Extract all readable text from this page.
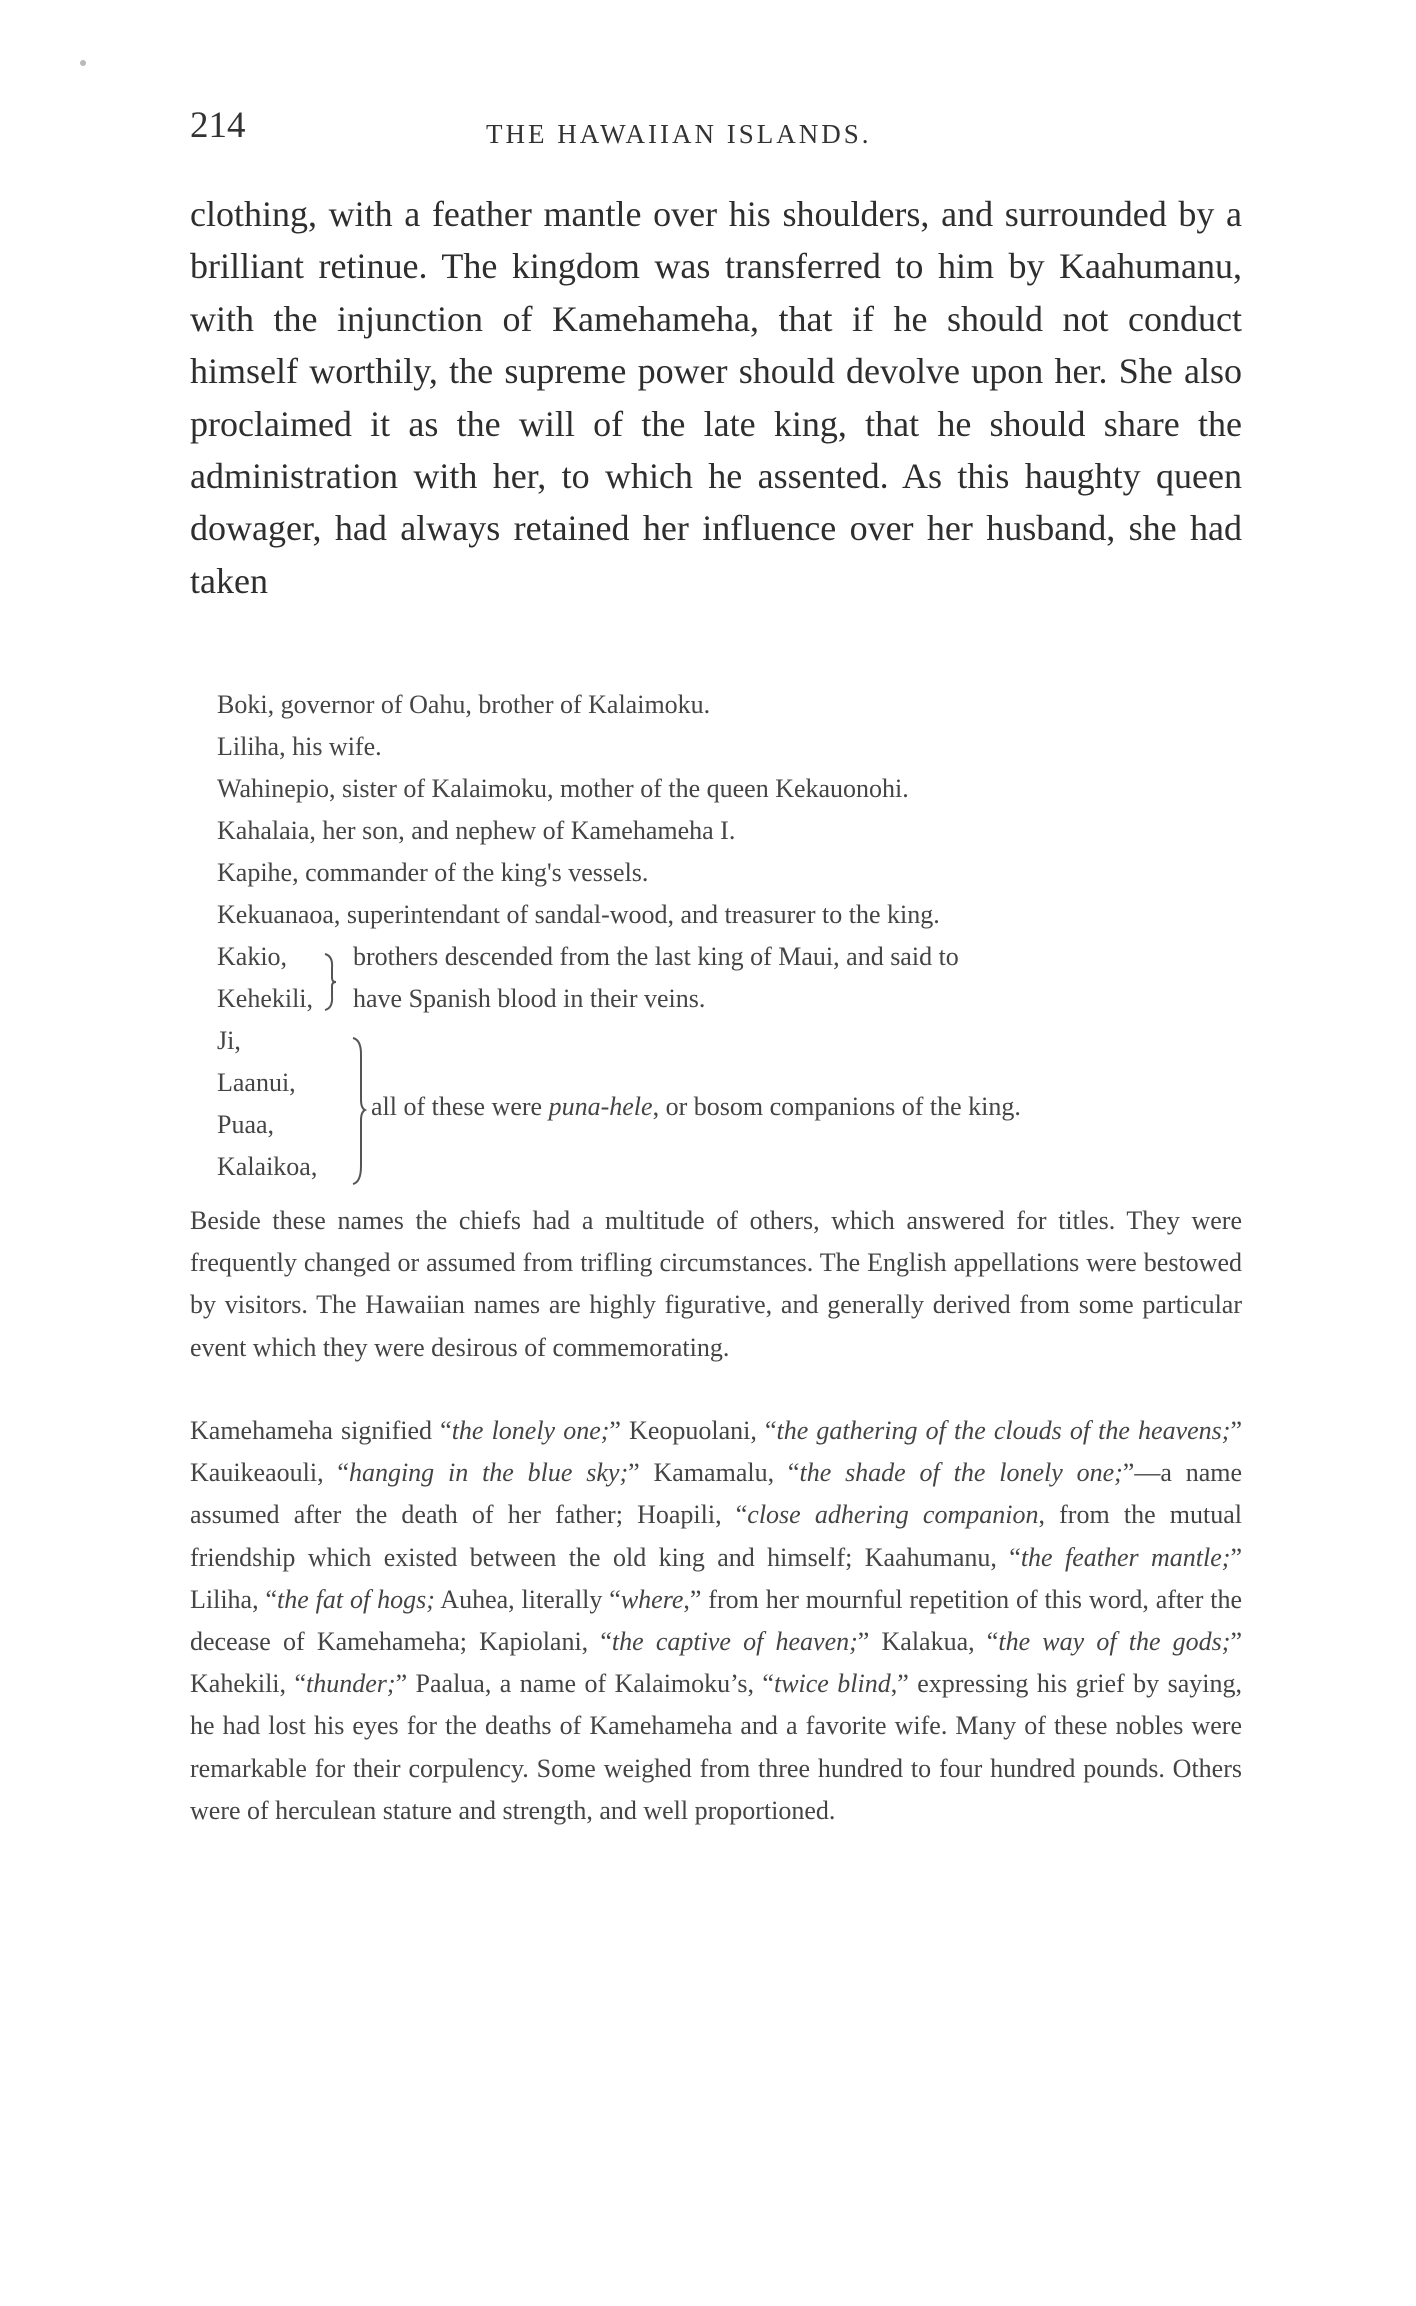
214	THE HAWAIIAN ISLANDS.

clothing, with a feather mantle over his shoulders, and surrounded by a brilliant retinue. The kingdom was transferred to him by Kaahumanu, with the injunction of Kamehameha, that if he should not conduct himself worthily, the supreme power should devolve upon her. She also proclaimed it as the will of the late king, that he should share the administration with her, to which he assented. As this haughty queen dowager, had always retained her influence over her husband, she had taken

Boki, governor of Oahu, brother of Kalaimoku.
Liliha, his wife.
Wahinepio, sister of Kalaimoku, mother of the queen Kekauonohi.
Kahalaia, her son, and nephew of Kamehameha I.
Kapihe, commander of the king's vessels.
Kekuanaoa, superintendant of sandal-wood, and treasurer to the king.
Kakio,
Kehekili,
brothers descended from the last king of Maui, and said to
have Spanish blood in their veins.
Ji,
Laanui,
Puaa,
Kalaikoa,
all of these were puna-hele, or bosom companions of the king.

Beside these names the chiefs had a multitude of others, which answered for titles. They were frequently changed or assumed from trifling circumstances. The English appellations were bestowed by visitors. The Hawaiian names are highly figurative, and generally derived from some particular event which they were desirous of commemorating.

Kamehameha signified “the lonely one;” Keopuolani, “the gathering of the clouds of the heavens;” Kauikeaouli, “hanging in the blue sky;” Kamamalu, “the shade of the lonely one;”—a name assumed after the death of her father; Hoapili, “close adhering companion, from the mutual friendship which existed between the old king and himself; Kaahumanu, “the feather mantle;” Liliha, “the fat of hogs; Auhea, literally “where,” from her mournful repetition of this word, after the decease of Kamehameha; Kapiolani, “the captive of heaven;” Kalakua, “the way of the gods;” Kahekili, “thunder;” Paalua, a name of Kalaimoku’s, “twice blind,” expressing his grief by saying, he had lost his eyes for the deaths of Kamehameha and a favorite wife. Many of these nobles were remarkable for their corpulency. Some weighed from three hundred to four hundred pounds. Others were of herculean stature and strength, and well proportioned.
